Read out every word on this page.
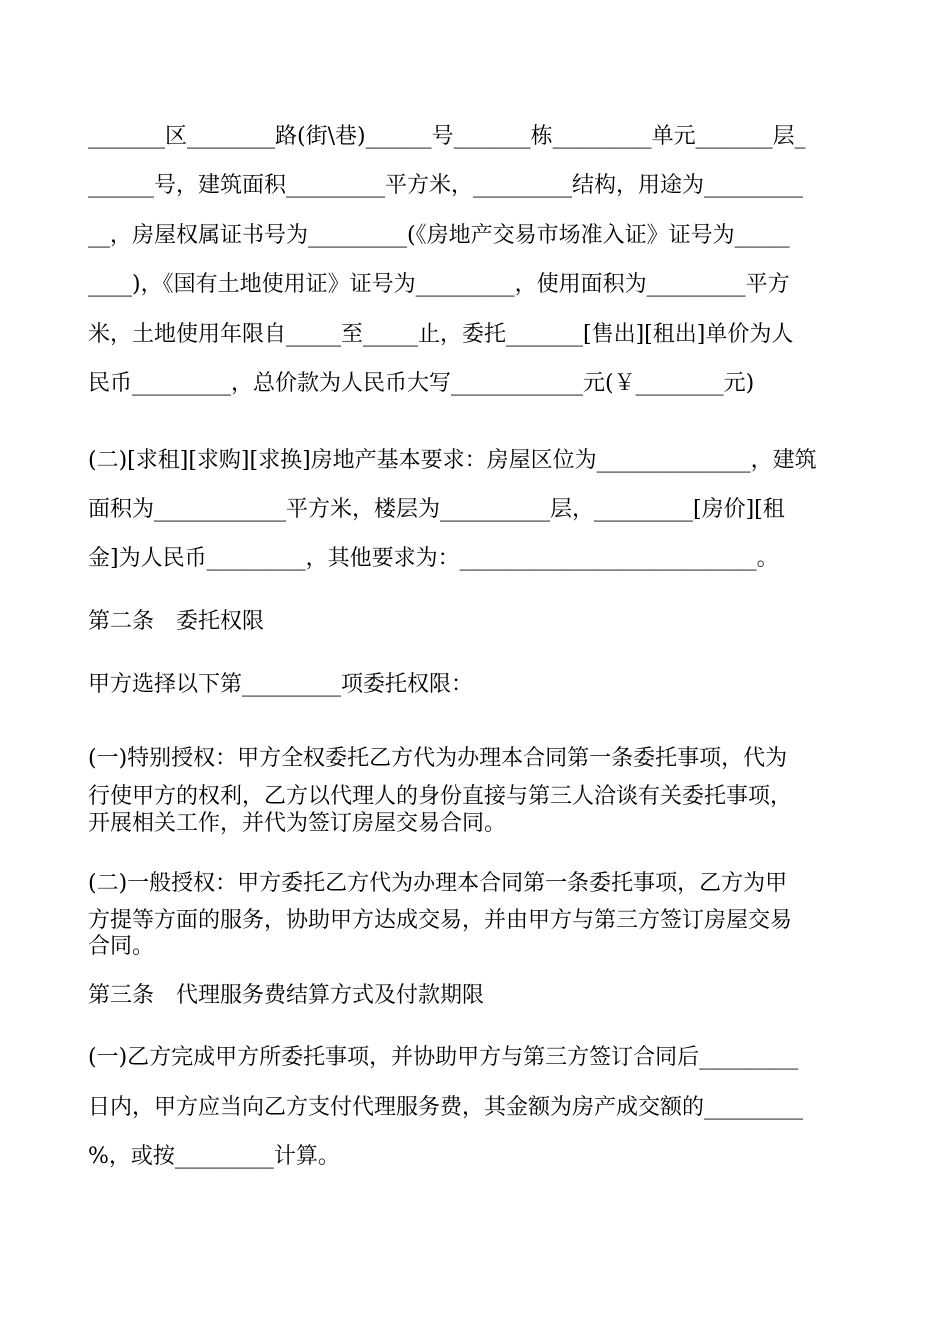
_______区________路(街\巷)______号_______栋_________单元_______层_
______号，建筑面积_________平方米，_________结构，用途为_________
__，房屋权属证书号为_________(《房地产交易市场准入证》证号为_____
____)，《国有土地使用证》证号为_________，使用面积为_________平方
米，土地使用年限自_____至_____止，委托_______[售出][租出]单价为人
民币_________，总价款为人民币大写____________元(￥________元)
(二)[求租][求购][求换]房地产基本要求：房屋区位为______________，建筑
面积为____________平方米，楼层为__________层，_________[房价][租
金]为人民币_________，其他要求为：___________________________。
第二条　委托权限
甲方选择以下第_________项委托权限：
(一)特别授权：甲方全权委托乙方代为办理本合同第一条委托事项，代为
行使甲方的权利，乙方以代理人的身份直接与第三人洽谈有关委托事项，
开展相关工作，并代为签订房屋交易合同。
(二)一般授权：甲方委托乙方代为办理本合同第一条委托事项，乙方为甲
方提等方面的服务，协助甲方达成交易，并由甲方与第三方签订房屋交易
合同。
第三条　代理服务费结算方式及付款期限
(一)乙方完成甲方所委托事项，并协助甲方与第三方签订合同后_________
日内，甲方应当向乙方支付代理服务费，其金额为房产成交额的_________
%，或按_________计算。
